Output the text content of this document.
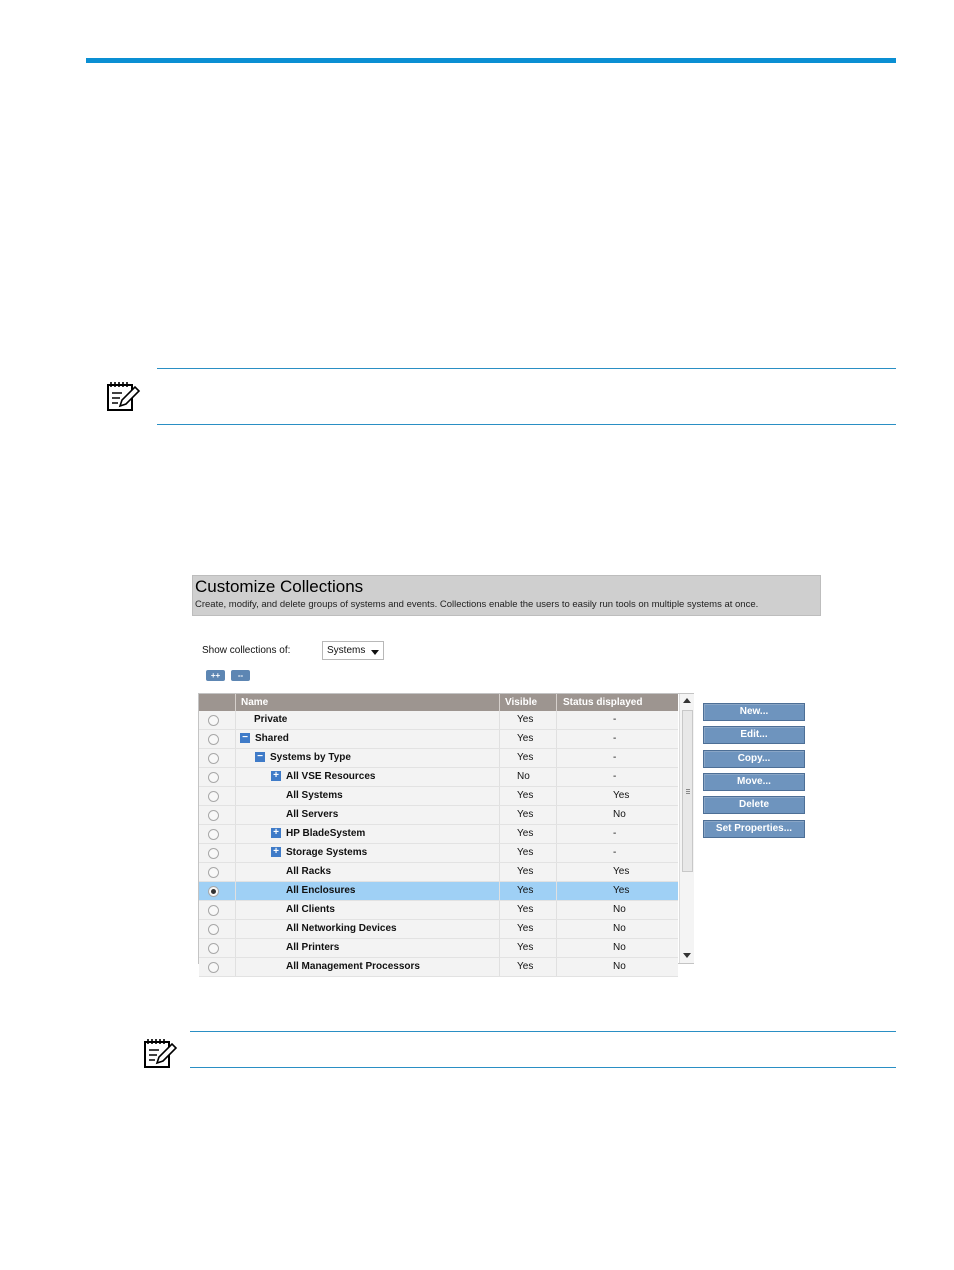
Customize Collections
Create, modify, and delete groups of systems and events. Collections enable the users to easily run tools on multiple systems at once.
Show collections of:	Systems
++	--
Name	Visible	Status displayed
Private	Yes	-
− Shared	Yes	-
− Systems by Type	Yes	-
+ All VSE Resources	No	-
All Systems	Yes	Yes
All Servers	Yes	No
+ HP BladeSystem	Yes	-
+ Storage Systems	Yes	-
All Racks	Yes	Yes
All Enclosures	Yes	Yes
All Clients	Yes	No
All Networking Devices	Yes	No
All Printers	Yes	No
All Management Processors	Yes	No
New...
Edit...
Copy...
Move...
Delete
Set Properties...
